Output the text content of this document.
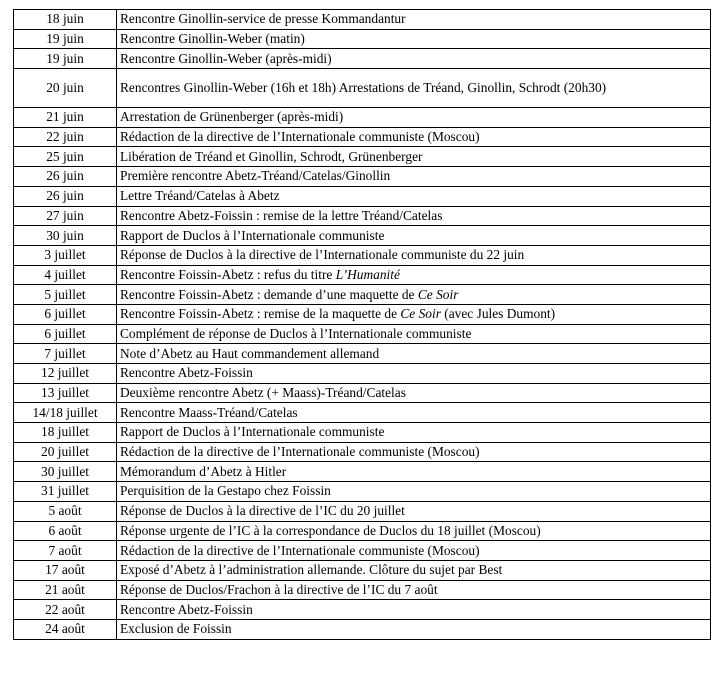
18 juin	Rencontre Ginollin-service de presse Kommandantur
19 juin	Rencontre Ginollin-Weber (matin)
19 juin	Rencontre Ginollin-Weber (après-midi)
20 juin	Rencontres Ginollin-Weber (16h et 18h) Arrestations de Tréand, Ginollin, Schrodt (20h30)
21 juin	Arrestation de Grünenberger (après-midi)
22 juin	Rédaction de la directive de l’Internationale communiste (Moscou)
25 juin	Libération de Tréand et Ginollin, Schrodt, Grünenberger
26 juin	Première rencontre Abetz-Tréand/Catelas/Ginollin
26 juin	Lettre Tréand/Catelas à Abetz
27 juin	Rencontre Abetz-Foissin : remise de la lettre Tréand/Catelas
30 juin	Rapport de Duclos à l’Internationale communiste
3 juillet	Réponse de Duclos à la directive de l’Internationale communiste du 22 juin
4 juillet	Rencontre Foissin-Abetz : refus du titre L’Humanité
5 juillet	Rencontre Foissin-Abetz : demande d’une maquette de Ce Soir
6 juillet	Rencontre Foissin-Abetz : remise de la maquette de Ce Soir (avec Jules Dumont)
6 juillet	Complément de réponse de Duclos à l’Internationale communiste
7 juillet	Note d’Abetz au Haut commandement allemand
12 juillet	Rencontre Abetz-Foissin
13 juillet	Deuxième rencontre Abetz (+ Maass)-Tréand/Catelas
14/18 juillet	Rencontre Maass-Tréand/Catelas
18 juillet	Rapport de Duclos à l’Internationale communiste
20 juillet	Rédaction de la directive de l’Internationale communiste (Moscou)
30 juillet	Mémorandum d’Abetz à Hitler
31 juillet	Perquisition de la Gestapo chez Foissin
5 août	Réponse de Duclos à la directive de l’IC du 20 juillet
6 août	Réponse urgente de l’IC à la correspondance de Duclos du 18 juillet (Moscou)
7 août	Rédaction de la directive de l’Internationale communiste (Moscou)
17 août	Exposé d’Abetz à l’administration allemande. Clôture du sujet par Best
21 août	Réponse de Duclos/Frachon à la directive de l’IC du 7 août
22 août	Rencontre Abetz-Foissin
24 août	Exclusion de Foissin
